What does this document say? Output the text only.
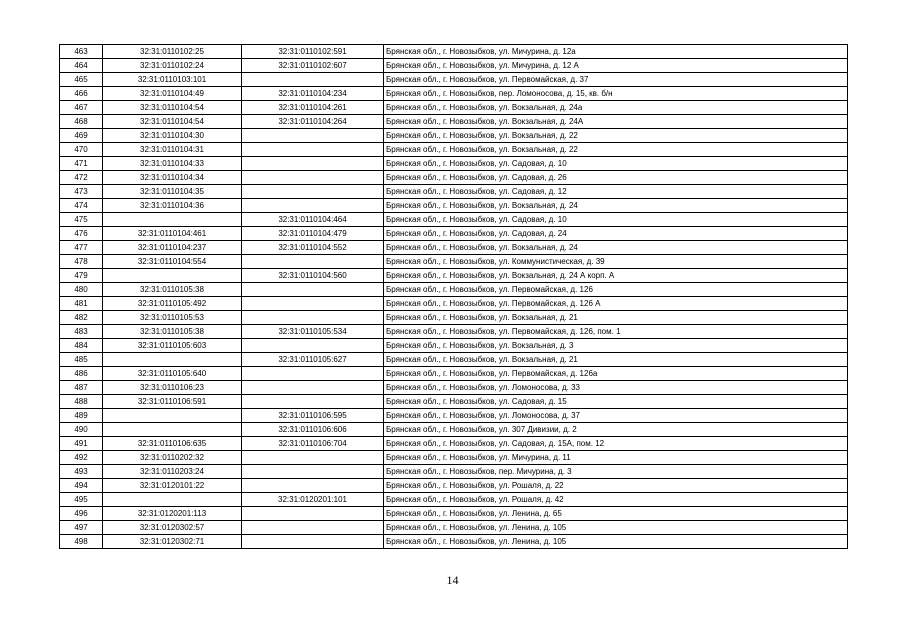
463	32:31:0110102:25	32:31:0110102:591	Брянская обл., г. Новозыбков, ул. Мичурина, д. 12а
464	32:31:0110102:24	32:31:0110102:607	Брянская обл., г. Новозыбков, ул. Мичурина, д. 12 А
465	32:31:0110103:101		Брянская обл., г. Новозыбков, ул. Первомайская, д. 37
466	32:31:0110104:49	32:31:0110104:234	Брянская обл., г. Новозыбков, пер. Ломоносова, д. 15, кв. б/н
467	32:31:0110104:54	32:31:0110104:261	Брянская обл., г. Новозыбков, ул. Вокзальная, д. 24а
468	32:31:0110104:54	32:31:0110104:264	Брянская обл., г. Новозыбков, ул. Вокзальная, д. 24А
469	32:31:0110104:30		Брянская обл., г. Новозыбков, ул. Вокзальная, д. 22
470	32:31:0110104:31		Брянская обл., г. Новозыбков, ул. Вокзальная, д. 22
471	32:31:0110104:33		Брянская обл., г. Новозыбков, ул. Садовая, д. 10
472	32:31:0110104:34		Брянская обл., г. Новозыбков, ул. Садовая, д. 26
473	32:31:0110104:35		Брянская обл., г. Новозыбков, ул. Садовая, д. 12
474	32:31:0110104:36		Брянская обл., г. Новозыбков, ул. Вокзальная, д. 24
475		32:31:0110104:464	Брянская обл., г. Новозыбков, ул. Садовая, д. 10
476	32:31:0110104:461	32:31:0110104:479	Брянская обл., г. Новозыбков, ул. Садовая, д. 24
477	32:31:0110104:237	32:31:0110104:552	Брянская обл., г. Новозыбков, ул. Вокзальная, д. 24
478	32:31:0110104:554		Брянская обл., г. Новозыбков, ул. Коммунистическая, д. 39
479		32:31:0110104:560	Брянская обл., г. Новозыбков, ул. Вокзальная, д. 24 А корп. А
480	32:31:0110105:38		Брянская обл., г. Новозыбков, ул. Первомайская, д. 126
481	32:31:0110105:492		Брянская обл., г. Новозыбков, ул. Первомайская, д. 126 А
482	32:31:0110105:53		Брянская обл., г. Новозыбков, ул. Вокзальная, д. 21
483	32:31:0110105:38	32:31:0110105:534	Брянская обл., г. Новозыбков, ул. Первомайская, д. 126, пом. 1
484	32:31:0110105:603		Брянская обл., г. Новозыбков, ул. Вокзальная, д. 3
485		32:31:0110105:627	Брянская обл., г. Новозыбков, ул. Вокзальная, д. 21
486	32:31:0110105:640		Брянская обл., г. Новозыбков, ул. Первомайская, д. 126а
487	32:31:0110106:23		Брянская обл., г. Новозыбков, ул. Ломоносова, д. 33
488	32:31:0110106:591		Брянская обл., г. Новозыбков, ул. Садовая, д. 15
489		32:31:0110106:595	Брянская обл., г. Новозыбков, ул. Ломоносова, д. 37
490		32:31:0110106:606	Брянская обл., г. Новозыбков, ул. 307 Дивизии, д. 2
491	32:31:0110106:635	32:31:0110106:704	Брянская обл., г. Новозыбков, ул. Садовая, д. 15А, пом. 12
492	32:31:0110202:32		Брянская обл., г. Новозыбков, ул. Мичурина, д. 11
493	32:31:0110203:24		Брянская обл., г. Новозыбков, пер. Мичурина, д. 3
494	32:31:0120101:22		Брянская обл., г. Новозыбков, ул. Рошаля, д. 22
495		32:31:0120201:101	Брянская обл., г. Новозыбков, ул. Рошаля, д. 42
496	32:31:0120201:113		Брянская обл., г. Новозыбков, ул. Ленина, д. 65
497	32:31:0120302:57		Брянская обл., г. Новозыбков, ул. Ленина, д. 105
498	32:31:0120302:71		Брянская обл., г. Новозыбков, ул. Ленина, д. 105
14
